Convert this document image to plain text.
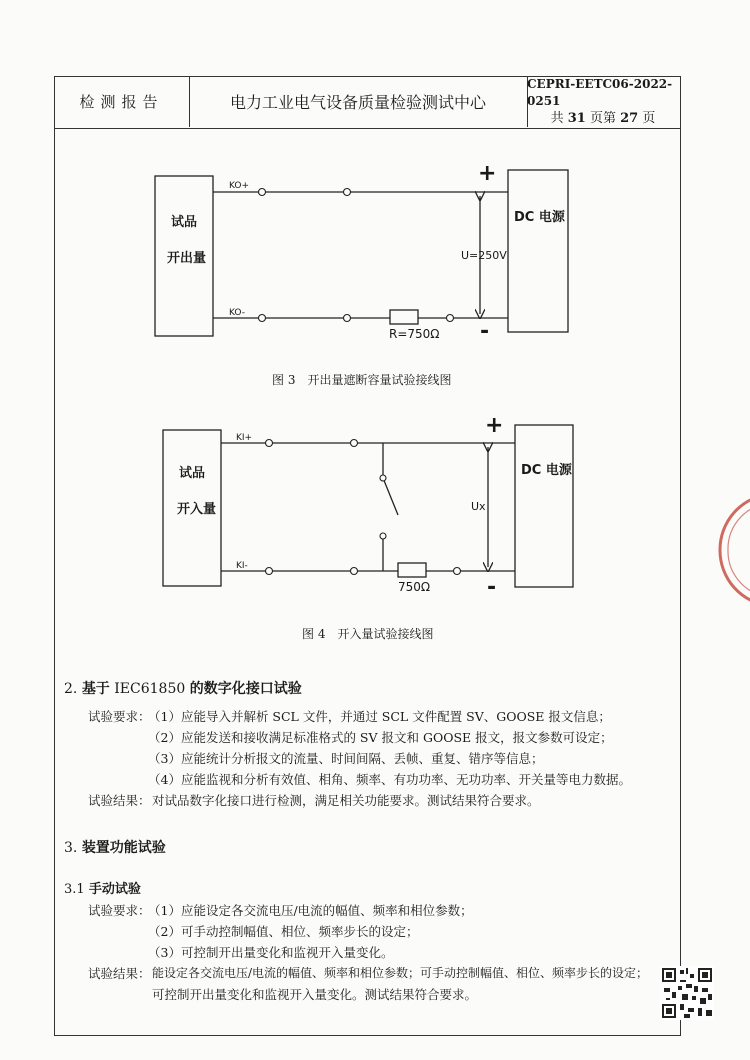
检测报告	电力工业电气设备质量检验测试中心
CEPRI-EETC06-2022-0251
共 31 页第 27 页
试品
开出量
DC 电源
KO+
KO-
+
-
U=250V
R=750Ω
试品
开入量
DC 电源
KI+
KI-
+
-
Ux
750Ω
图 3　开出量遮断容量试验接线图
图 4　开入量试验接线图
2. 基于 IEC61850 的数字化接口试验
试验要求：
（1）应能导入并解析 SCL 文件，并通过 SCL 文件配置 SV、GOOSE 报文信息；
（2）应能发送和接收满足标准格式的 SV 报文和 GOOSE 报文，报文参数可设定；
（3）应能统计分析报文的流量、时间间隔、丢帧、重复、错序等信息；
（4）应能监视和分析有效值、相角、频率、有功功率、无功功率、开关量等电力数据。
试验结果： 对试品数字化接口进行检测，满足相关功能要求。测试结果符合要求。
3. 装置功能试验
3.1 手动试验
试验要求：
（1）应能设定各交流电压/电流的幅值、频率和相位参数；
（2）可手动控制幅值、相位、频率步长的设定；
（3）可控制开出量变化和监视开入量变化。
试验结果： 能设定各交流电压/电流的幅值、频率和相位参数；可手动控制幅值、相位、频率步长的设定；
可控制开出量变化和监视开入量变化。测试结果符合要求。
